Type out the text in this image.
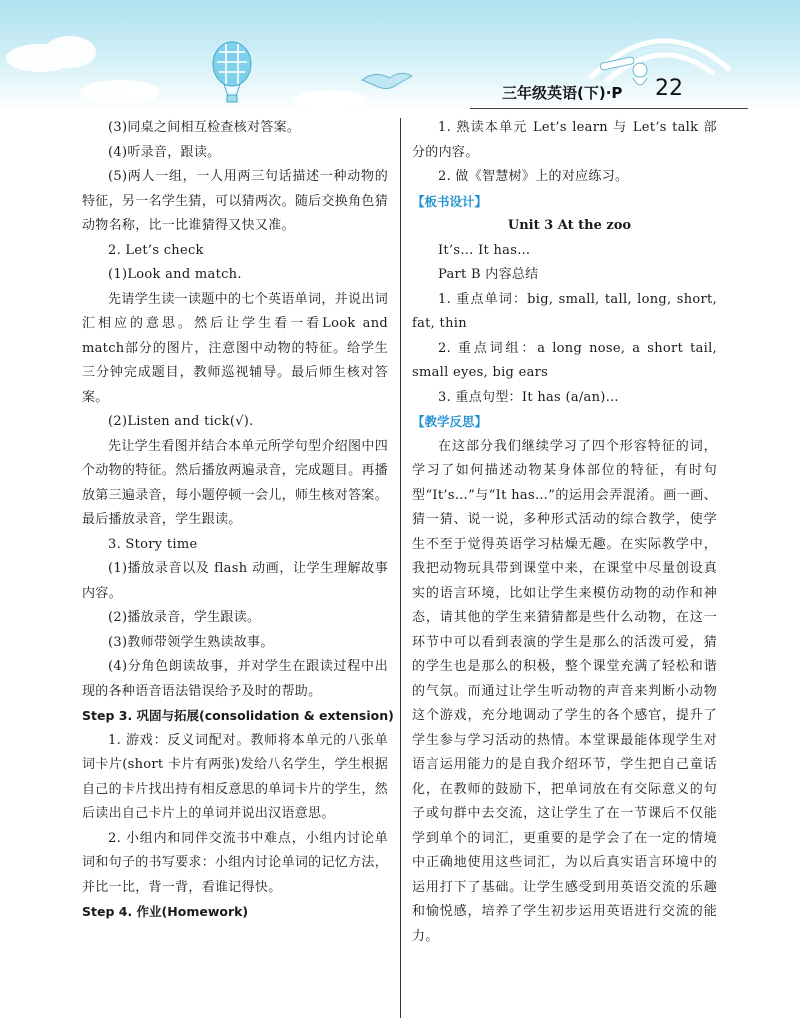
三年级英语(下)·P 22

(3)同桌之间相互检查核对答案。

(4)听录音，跟读。

(5)两人一组，一人用两三句话描述一种动物的特征，另一名学生猜，可以猜两次。随后交换角色猜动物名称，比一比谁猜得又快又准。

2. Let’s check

(1)Look and match.

先请学生读一读题中的七个英语单词，并说出词汇相应的意思。然后让学生看一看Look and match部分的图片，注意图中动物的特征。给学生三分钟完成题目，教师巡视辅导。最后师生核对答案。

(2)Listen and tick(√).

先让学生看图并结合本单元所学句型介绍图中四个动物的特征。然后播放两遍录音，完成题目。再播放第三遍录音，每小题停顿一会儿，师生核对答案。最后播放录音，学生跟读。

3. Story time

(1)播放录音以及 flash 动画，让学生理解故事内容。

(2)播放录音，学生跟读。

(3)教师带领学生熟读故事。

(4)分角色朗读故事，并对学生在跟读过程中出现的各种语音语法错误给予及时的帮助。

Step 3. 巩固与拓展(consolidation & extension)

1. 游戏：反义词配对。教师将本单元的八张单词卡片(short 卡片有两张)发给八名学生，学生根据自己的卡片找出持有相反意思的单词卡片的学生，然后读出自己卡片上的单词并说出汉语意思。

2. 小组内和同伴交流书中难点，小组内讨论单词和句子的书写要求：小组内讨论单词的记忆方法，并比一比，背一背，看谁记得快。

Step 4. 作业(Homework)

1. 熟读本单元 Let’s learn 与 Let’s talk 部分的内容。

2. 做《智慧树》上的对应练习。

【板书设计】

Unit 3 At the zoo

It’s… It has…

Part B 内容总结

1. 重点单词：big, small, tall, long, short, fat, thin

2. 重点词组：a long nose, a short tail, small eyes, big ears

3. 重点句型：It has (a/an)…

【教学反思】

在这部分我们继续学习了四个形容特征的词，学习了如何描述动物某身体部位的特征，有时句型“It’s…”与“It has…”的运用会弄混淆。画一画、猜一猜、说一说，多种形式活动的综合教学，使学生不至于觉得英语学习枯燥无趣。在实际教学中，我把动物玩具带到课堂中来，在课堂中尽量创设真实的语言环境，比如让学生来模仿动物的动作和神态，请其他的学生来猜猜都是些什么动物，在这一环节中可以看到表演的学生是那么的活泼可爱，猜的学生也是那么的积极，整个课堂充满了轻松和谐的气氛。而通过让学生听动物的声音来判断小动物这个游戏，充分地调动了学生的各个感官，提升了学生参与学习活动的热情。本堂课最能体现学生对语言运用能力的是自我介绍环节，学生把自己童话化，在教师的鼓励下，把单词放在有交际意义的句子或句群中去交流，这让学生了在一节课后不仅能学到单个的词汇，更重要的是学会了在一定的情境中正确地使用这些词汇，为以后真实语言环境中的运用打下了基础。让学生感受到用英语交流的乐趣和愉悦感，培养了学生初步运用英语进行交流的能力。
